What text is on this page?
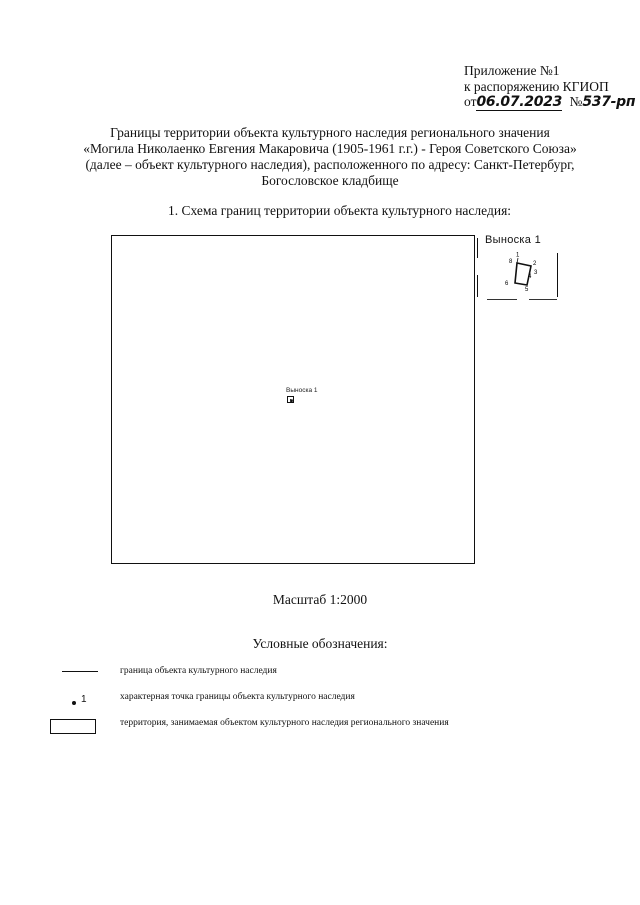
Приложение №1
к распоряжению КГИОП
от06.07.2023 №537-рп
Границы территории объекта культурного наследия регионального значения
«Могила Николаенко Евгения Макаровича (1905-1961 г.г.) - Героя Советского Союза»
(далее – объект культурного наследия), расположенного по адресу: Санкт-Петербург,
Богословское кладбище
1. Схема границ территории объекта культурного наследия:
Выноска 1
Выноска 1
1
2
3
4
5
6
8
Масштаб 1:2000
Условные обозначения:
граница объекта культурного наследия
1	характерная точка границы объекта культурного наследия
территория, занимаемая объектом культурного наследия регионального значения
